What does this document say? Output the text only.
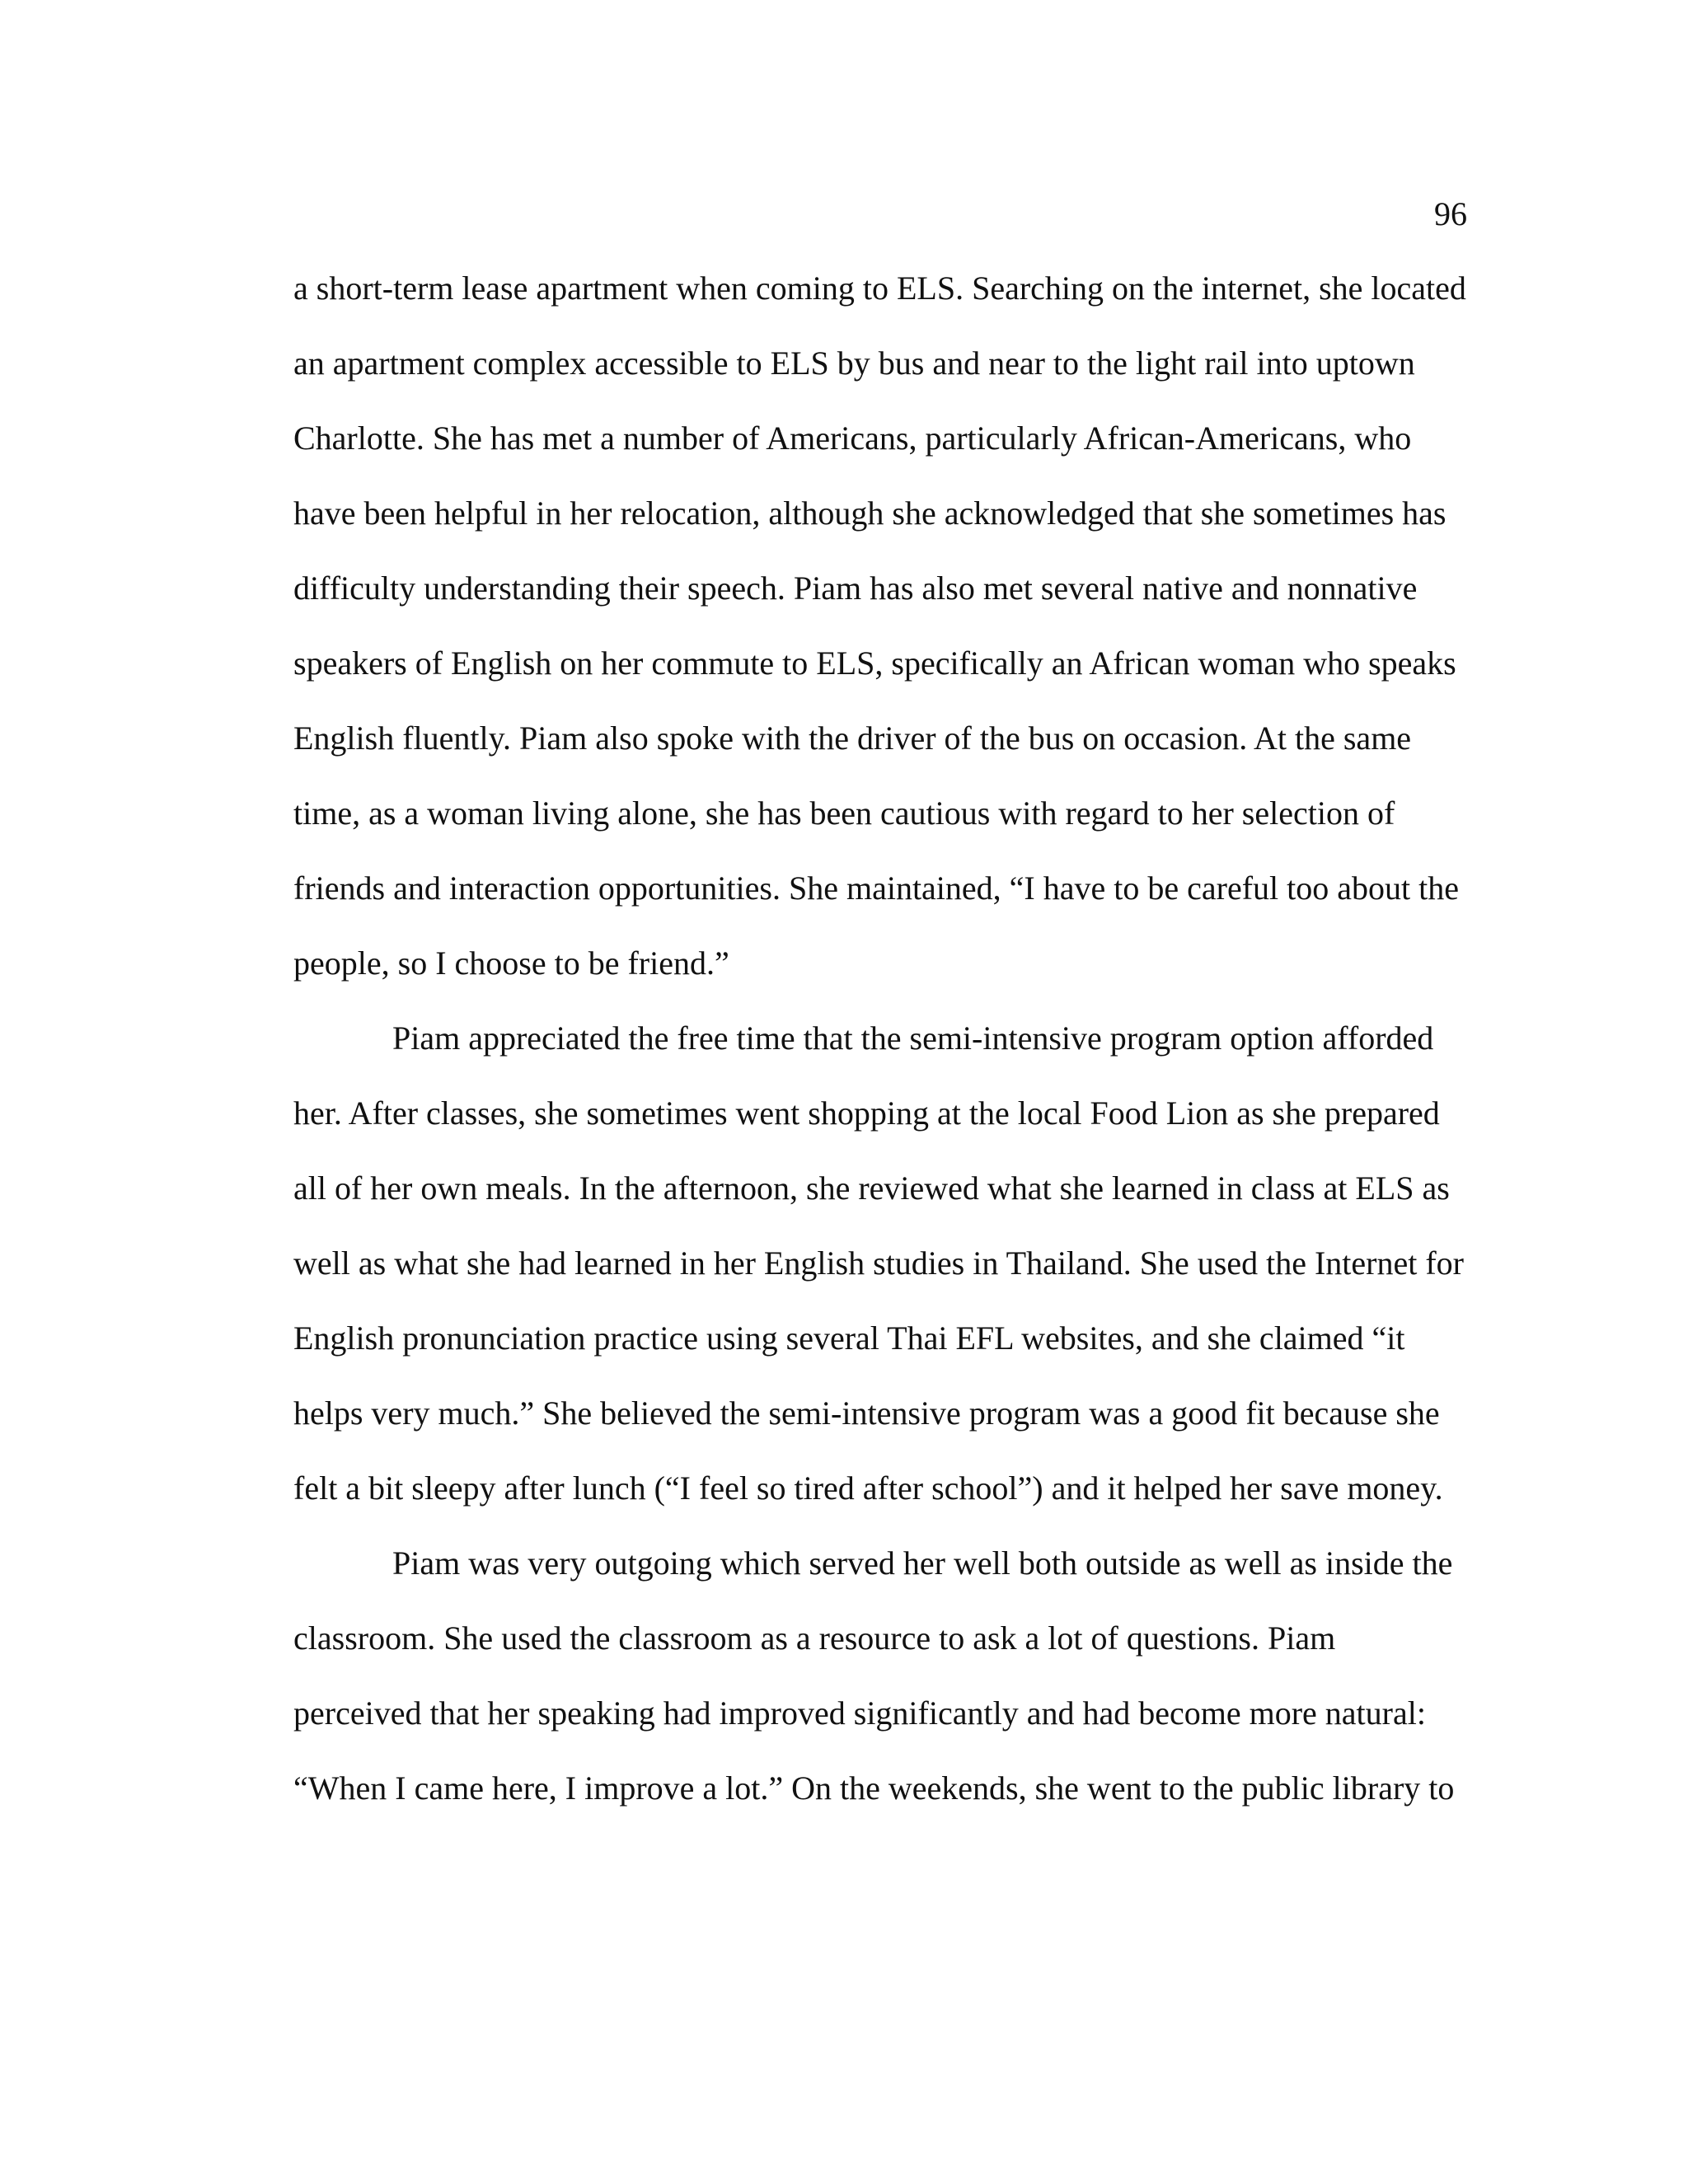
96
a short-term lease apartment when coming to ELS. Searching on the internet, she located
an apartment complex accessible to ELS by bus and near to the light rail into uptown
Charlotte. She has met a number of Americans, particularly African-Americans, who
have been helpful in her relocation, although she acknowledged that she sometimes has
difficulty understanding their speech. Piam has also met several native and nonnative
speakers of English on her commute to ELS, specifically an African woman who speaks
English fluently. Piam also spoke with the driver of the bus on occasion. At the same
time, as a woman living alone, she has been cautious with regard to her selection of
friends and interaction opportunities. She maintained, “I have to be careful too about the
people, so I choose to be friend.”
Piam appreciated the free time that the semi-intensive program option afforded
her. After classes, she sometimes went shopping at the local Food Lion as she prepared
all of her own meals. In the afternoon, she reviewed what she learned in class at ELS as
well as what she had learned in her English studies in Thailand. She used the Internet for
English pronunciation practice using several Thai EFL websites, and she claimed “it
helps very much.” She believed the semi-intensive program was a good fit because she
felt a bit sleepy after lunch (“I feel so tired after school”) and it helped her save money.
Piam was very outgoing which served her well both outside as well as inside the
classroom. She used the classroom as a resource to ask a lot of questions. Piam
perceived that her speaking had improved significantly and had become more natural:
“When I came here, I improve a lot.” On the weekends, she went to the public library to
